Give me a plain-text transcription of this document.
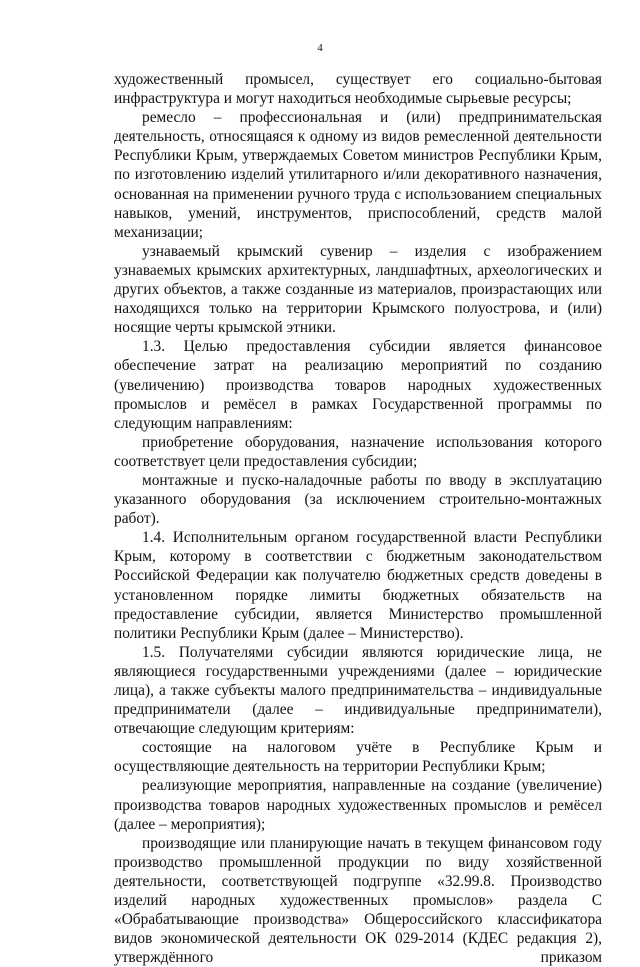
4

художественный промысел, существует его социально-бытовая инфраструктура и могут находиться необходимые сырьевые ресурсы;

ремесло – профессиональная и (или) предпринимательская деятельность, относящаяся к одному из видов ремесленной деятельности Республики Крым, утверждаемых Советом министров Республики Крым, по изготовлению изделий утилитарного и/или декоративного назначения, основанная на применении ручного труда с использованием специальных навыков, умений, инструментов, приспособлений, средств малой механизации;

узнаваемый крымский сувенир – изделия с изображением узнаваемых крымских архитектурных, ландшафтных, археологических и других объектов, а также созданные из материалов, произрастающих или находящихся только на территории Крымского полуострова, и (или) носящие черты крымской этники.

1.3. Целью предоставления субсидии является финансовое обеспечение затрат на реализацию мероприятий по созданию (увеличению) производства товаров народных художественных промыслов и ремёсел в рамках Государственной программы по следующим направлениям:

приобретение оборудования, назначение использования которого соответствует цели предоставления субсидии;

монтажные и пуско-наладочные работы по вводу в эксплуатацию указанного оборудования (за исключением строительно-монтажных работ).

1.4. Исполнительным органом государственной власти Республики Крым, которому в соответствии с бюджетным законодательством Российской Федерации как получателю бюджетных средств доведены в установленном порядке лимиты бюджетных обязательств на предоставление субсидии, является Министерство промышленной политики Республики Крым (далее – Министерство).

1.5. Получателями субсидии являются юридические лица, не являющиеся государственными учреждениями (далее – юридические лица), а также субъекты малого предпринимательства – индивидуальные предприниматели (далее – индивидуальные предприниматели), отвечающие следующим критериям:

состоящие на налоговом учёте в Республике Крым и осуществляющие деятельность на территории Республики Крым;

реализующие мероприятия, направленные на создание (увеличение) производства товаров народных художественных промыслов и ремёсел (далее – мероприятия);

производящие или планирующие начать в текущем финансовом году производство промышленной продукции по виду хозяйственной деятельности, соответствующей подгруппе «32.99.8. Производство изделий народных художественных промыслов» раздела С «Обрабатывающие производства» Общероссийского классификатора видов экономической деятельности ОК 029-2014 (КДЕС редакция 2), утверждённого приказом
